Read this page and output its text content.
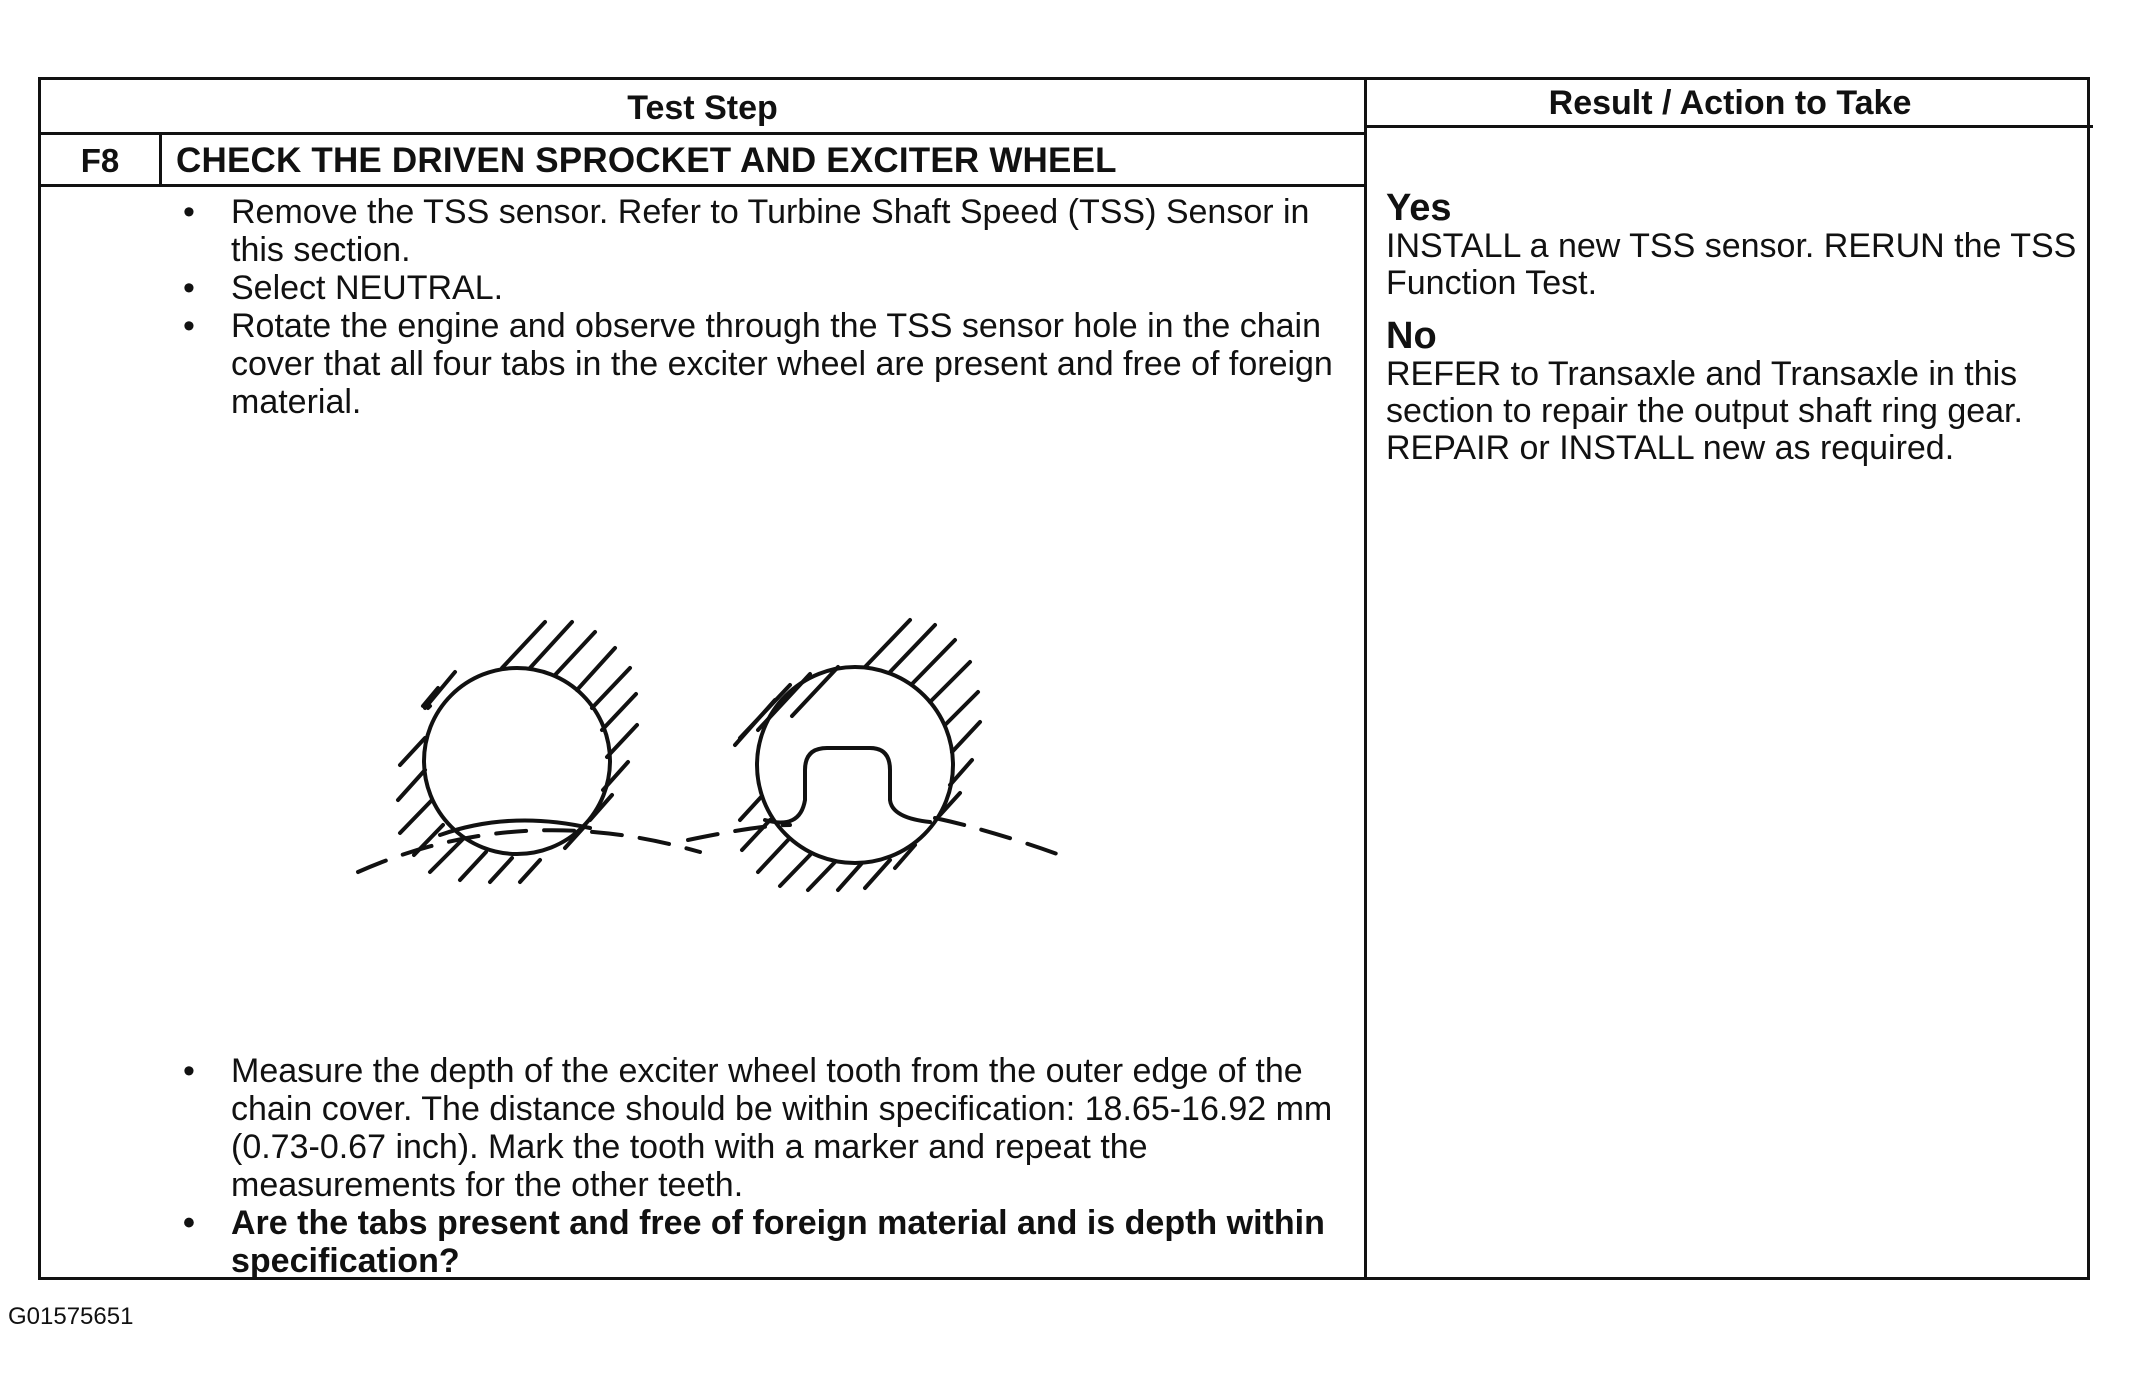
Test Step	Result / Action to Take
F8	CHECK THE DRIVEN SPROCKET AND EXCITER WHEEL
• Remove the TSS sensor. Refer to Turbine Shaft Speed (TSS) Sensor in this section.
• Select NEUTRAL.
• Rotate the engine and observe through the TSS sensor hole in the chain cover that all four tabs in the exciter wheel are present and free of foreign material.
• Measure the depth of the exciter wheel tooth from the outer edge of the chain cover. The distance should be within specification: 18.65-16.92 mm (0.73-0.67 inch). Mark the tooth with a marker and repeat the measurements for the other teeth.
• Are the tabs present and free of foreign material and is depth within specification?
Yes
INSTALL a new TSS sensor. RERUN the TSS Function Test.
No
REFER to Transaxle and Transaxle in this section to repair the output shaft ring gear. REPAIR or INSTALL new as required.
G01575651
